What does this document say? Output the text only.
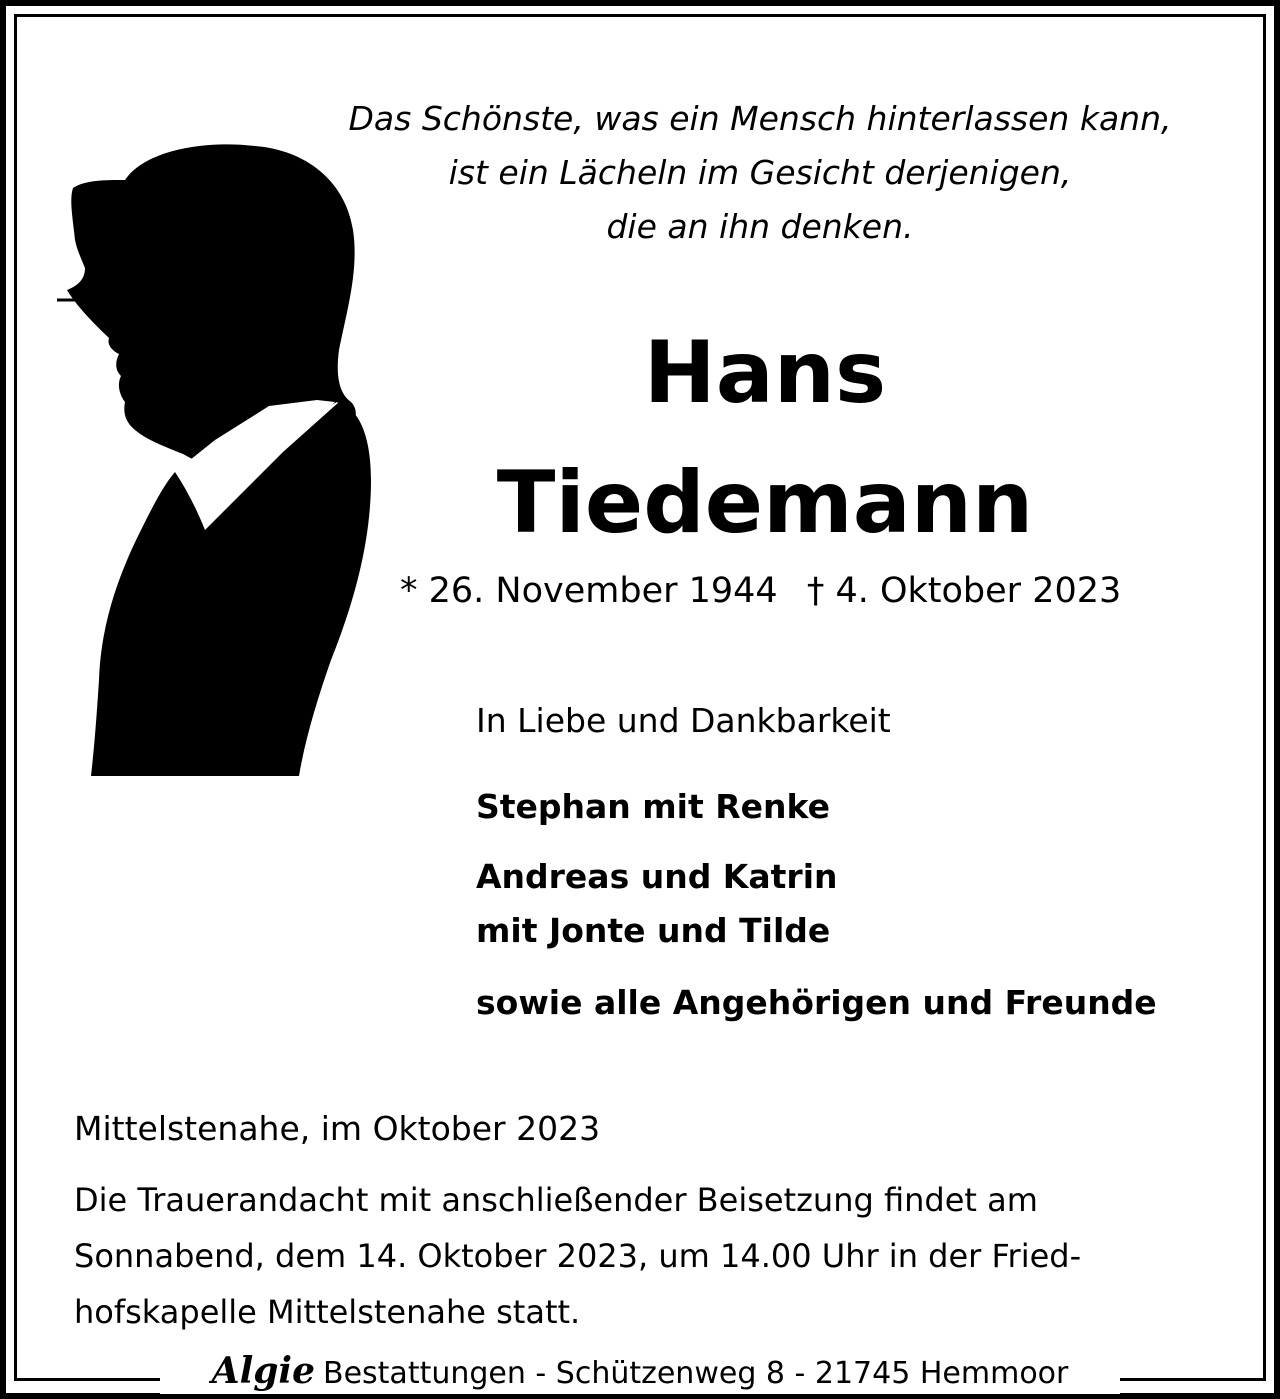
Das Schönste, was ein Mensch hinterlassen kann,
ist ein Lächeln im Gesicht derjenigen,
die an ihn denken.
Hans
Tiedemann
* 26. November 1944 † 4. Oktober 2023
In Liebe und Dankbarkeit
Stephan mit Renke
Andreas und Katrin
mit Jonte und Tilde
sowie alle Angehörigen und Freunde
Mittelstenahe, im Oktober 2023
Die Trauerandacht mit anschließender Beisetzung findet am
Sonnabend, dem 14. Oktober 2023, um 14.00 Uhr in der Fried-
hofskapelle Mittelstenahe statt.
Algie Bestattungen - Schützenweg 8 - 21745 Hemmoor
